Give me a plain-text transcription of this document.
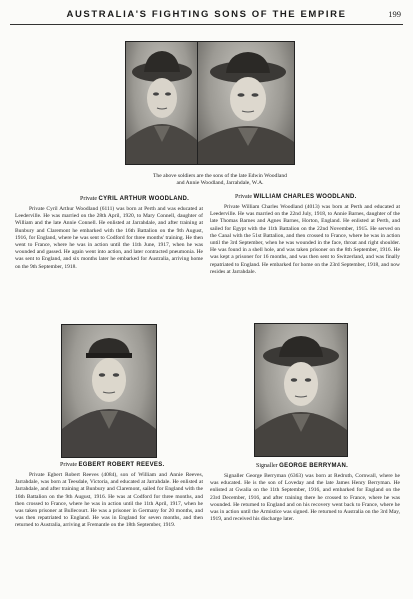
AUSTRALIA'S FIGHTING SONS OF THE EMPIRE	199
The above soldiers are the sons of the late Edwin Woodland
and Annie Woodland, Jarrahdale, W.A.
Private CYRIL ARTHUR WOODLAND.	Private WILLIAM CHARLES WOODLAND.

Private Cyril Arthur Woodland (6111) was born at Perth and was educated at Leederville. He was married on the 28th April, 1920, to Mary Connell, daughter of William and the late Annie Connell. He enlisted at Jarrahdale, and after training at Bunbury and Claremont he embarked with the 16th Battalion on the 9th August, 1916, for England, where he was sent to Codford for three months' training. He then went to France, where he was in action until the 11th June, 1917, when he was wounded and gassed. He again went into action, and later contracted pneumonia. He was sent to England, and six months later he embarked for Australia, arriving home on the 9th September, 1918.

Private William Charles Woodland (4013) was born at Perth and educated at Leederville. He was married on the 22nd July, 1918, to Annie Barnes, daughter of the late Thomas Barnes and Agnes Barnes, Horton, England. He enlisted at Perth, and sailed for Egypt with the 11th Battalion on the 22nd November, 1915. He served on the Canal with the 51st Battalion, and then crossed to France, where he was in action until the 3rd September, when he was wounded in the face, throat and right shoulder. He was found in a shell hole, and was taken prisoner on the 8th September, 1916. He was kept a prisoner for 16 months, and was then sent to Switzerland, and was finally repatriated to England. He embarked for home on the 23rd September, 1918, and now resides at Jarrahdale.

Private EGBERT ROBERT REEVES.	Signaller GEORGE BERRYMAN.

Private Egbert Robert Reeves (4084), son of William and Annie Reeves, Jarrahdale, was born at Teesdale, Victoria, and educated at Jarrahdale. He enlisted at Jarrahdale, and after training at Bunbury and Claremont, sailed for England with the 16th Battalion on the 9th August, 1916. He was at Codford for three months, and then crossed to France, where he was in action until the 11th April, 1917, when he was taken prisoner at Bullecourt. He was a prisoner in Germany for 20 months, and was then repatriated to England. He was in England for seven months, and then returned to Australia, arriving at Fremantle on the 18th September, 1919.

Signaller George Berryman (6363) was born at Redruth, Cornwall, where he was educated. He is the son of Loveday and the late James Henry Berryman. He enlisted at Gwalia on the 11th September, 1916, and embarked for England on the 23rd December, 1916, and after training there he crossed to France, where he was wounded. He returned to England and on his recovery went back to France, where he was in action until the Armistice was signed. He returned to Australia on the 3rd May, 1919, and received his discharge later.
